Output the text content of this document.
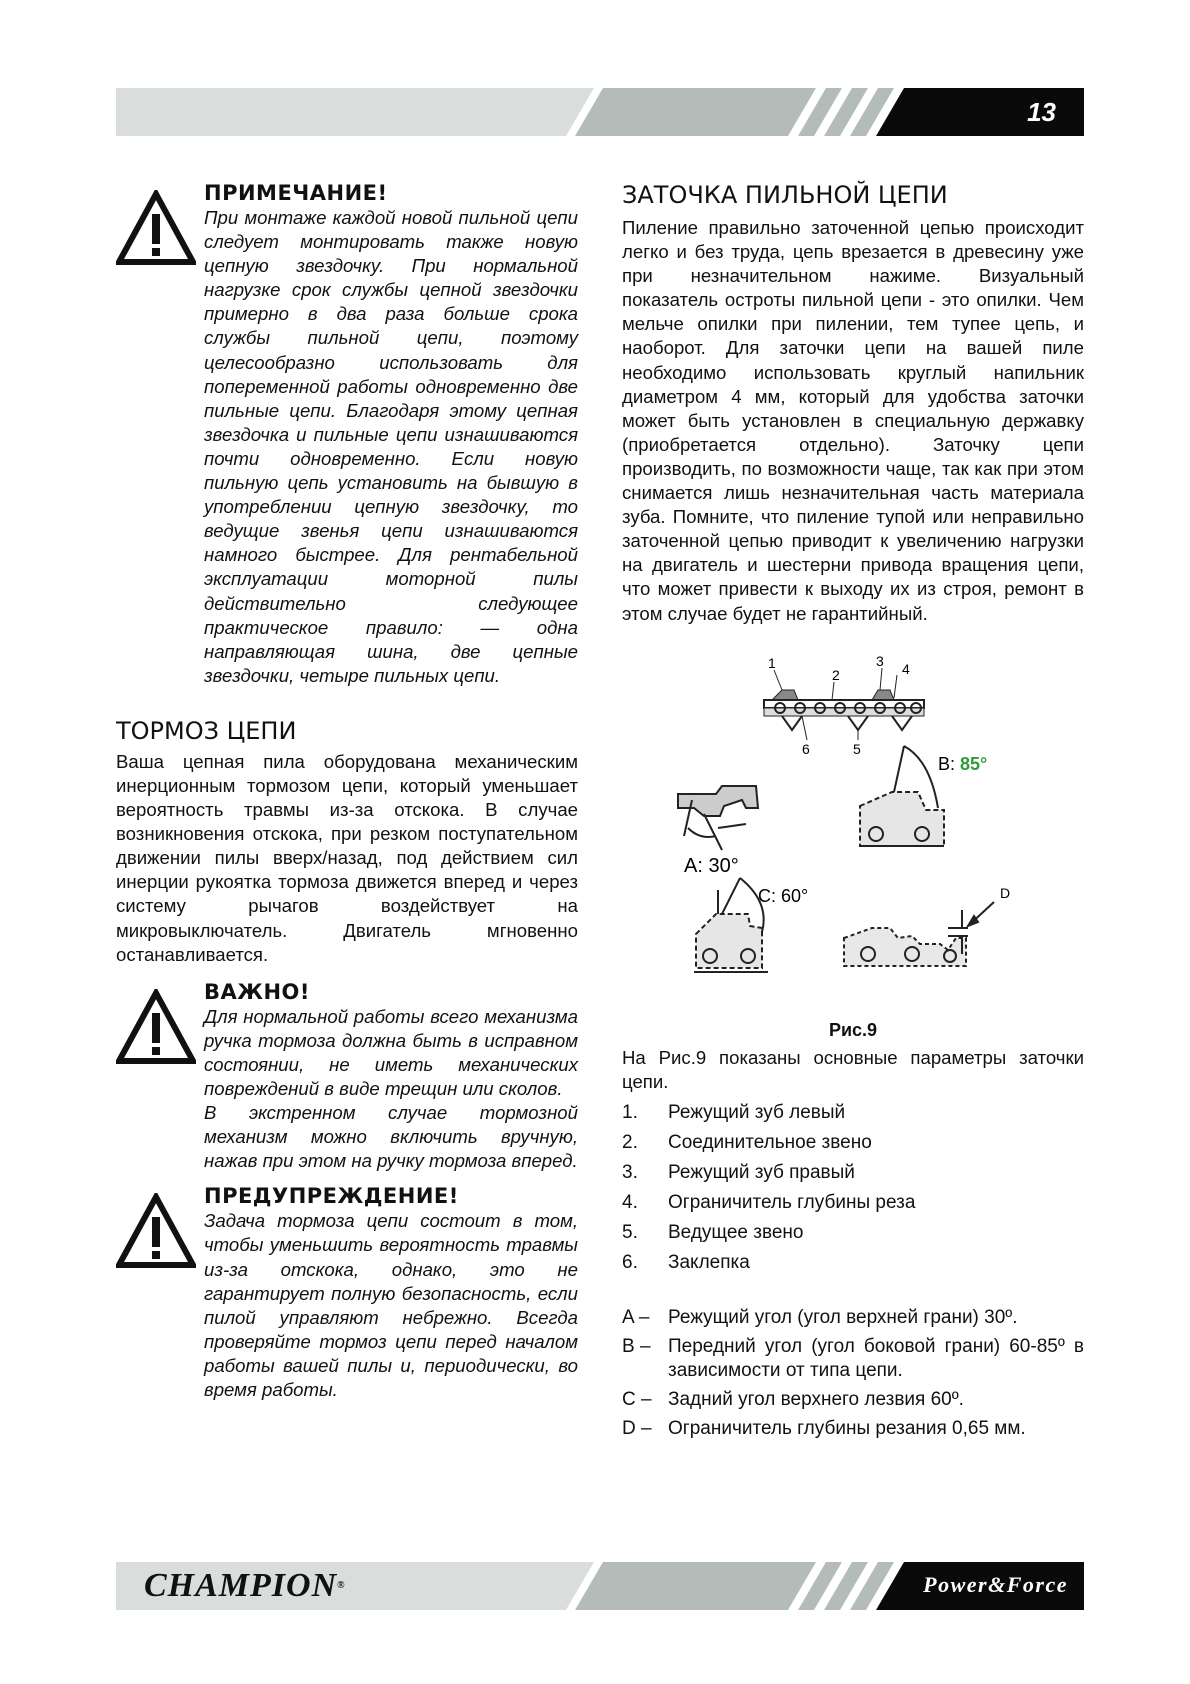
13
ПРИМЕЧАНИЕ!

При монтаже каждой новой пильной цепи следует монтировать также новую цепную звездочку. При нормальной нагрузке срок службы цепной звездочки примерно в два раза больше срока службы пильной цепи, поэтому целесообразно использовать для попеременной работы одновременно две пильные цепи. Благодаря этому цепная звездочка и пильные цепи изнашиваются почти одновременно. Если новую пильную цепь установить на бывшую в употреблении цепную звездочку, то ведущие звенья цепи изнашиваются намного быстрее. Для рентабельной эксплуатации моторной пилы действительно следующее практическое правило: — одна направляющая шина, две цепные звездочки, четыре пильных цепи.

ТОРМОЗ ЦЕПИ

Ваша цепная пила оборудована механическим инерционным тормозом цепи, который уменьшает вероятность травмы из-за отскока. В случае возникновения отскока, при резком поступательном движении пилы вверх/назад, под действием сил инерции рукоятка тормоза движется вперед и через систему рычагов воздействует на микровыключатель. Двигатель мгновенно останавливается.

ВАЖНО!

Для нормальной работы всего механизма ручка тормоза должна быть в исправном состоянии, не иметь механических повреждений в виде трещин или сколов.

В экстренном случае тормозной механизм можно включить вручную, нажав при этом на ручку тормоза вперед.

ПРЕДУПРЕЖДЕНИЕ!

Задача тормоза цепи состоит в том, чтобы уменьшить вероятность травмы из-за отскока, однако, это не гарантирует полную безопасность, если пилой управляют небрежно. Всегда проверяйте тормоз цепи перед началом работы вашей пилы и, периодически, во время работы.

ЗАТОЧКА ПИЛЬНОЙ ЦЕПИ

Пиление правильно заточенной цепью происходит легко и без труда, цепь врезается в древесину уже при незначительном нажиме. Визуальный показатель остроты пильной цепи - это опилки. Чем мельче опилки при пилении, тем тупее цепь, и наоборот. Для заточки цепи на вашей пиле необходимо использовать круглый напильник диаметром 4 мм, который для удобства заточки может быть установлен в специальную державку (приобретается отдельно). Заточку цепи производить, по возможности чаще, так как при этом снимается лишь незначительная часть материала зуба. Помните, что пиление тупой или неправильно заточенной цепью приводит к увеличению нагрузки на двигатель и шестерни привода вращения цепи, что может привести к выходу их из строя, ремонт в этом случае будет не гарантийный.

1
2
3 4
5
6
A: 30°
B: 85°
C: 60°	D
Рис.9

На Рис.9 показаны основные параметры заточки цепи.

1. Режущий зуб левый
2. Соединительное звено
3. Режущий зуб правый
4. Ограничитель глубины реза
5. Ведущее звено
6. Заклепка
A – Режущий угол (угол верхней грани) 30º.
B – Передний угол (угол боковой грани) 60-85º в зависимости от типа цепи.
C – Задний угол верхнего лезвия 60º.
D – Ограничитель глубины резания 0,65 мм.
CHAMPION®	Power&Force
